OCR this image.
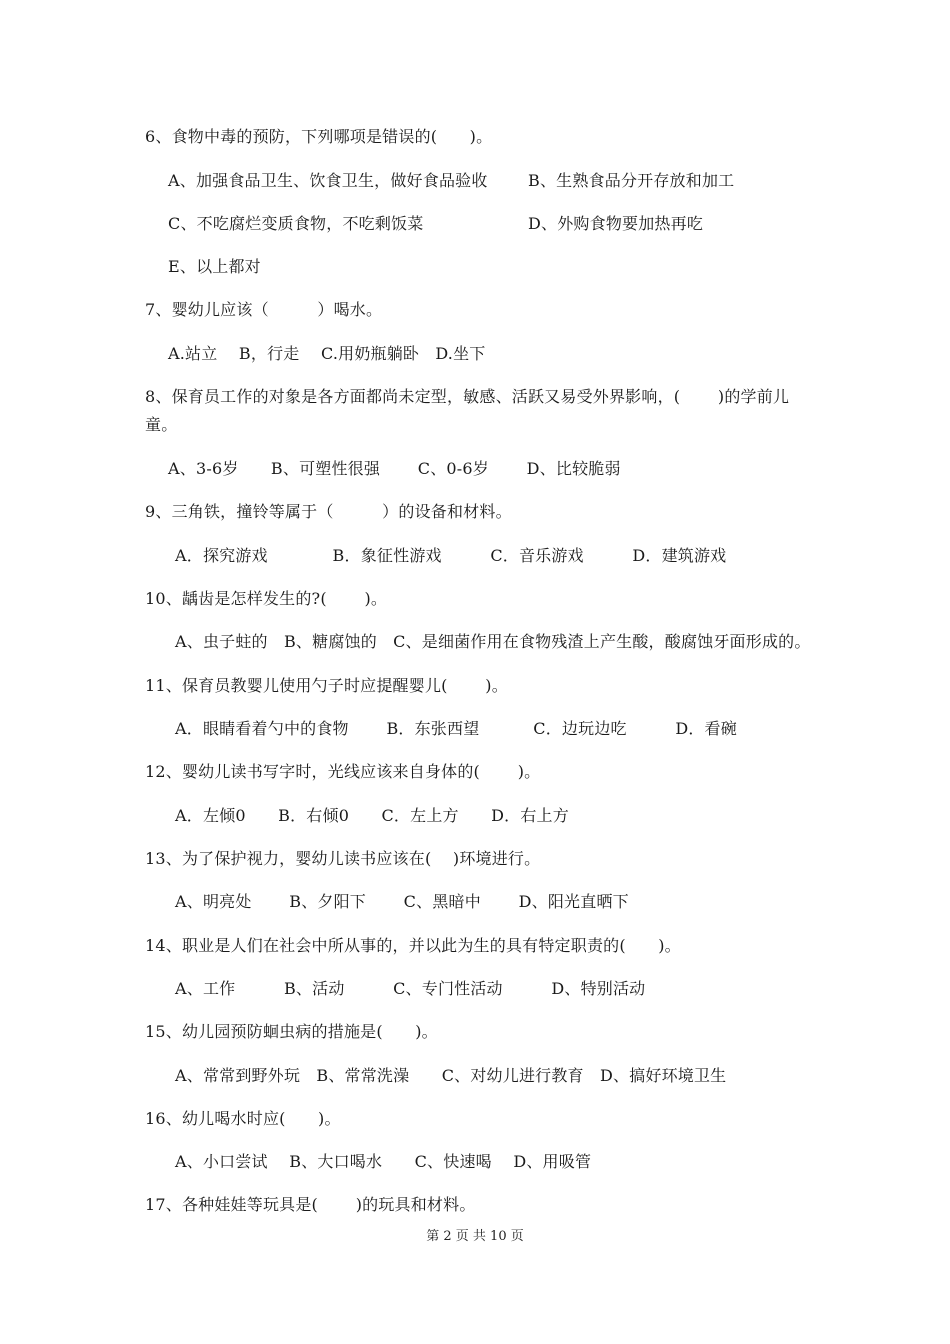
6、食物中毒的预防，下列哪项是错误的(　　)。
A、加强食品卫生、饮食卫生，做好食品验收	B、生熟食品分开存放和加工
C、不吃腐烂变质食物，不吃剩饭菜	D、外购食物要加热再吃
E、以上都对
7、婴幼儿应该（　　　）喝水。
A.站立　 B，行走　 C.用奶瓶躺卧　D.坐下
8、保育员工作的对象是各方面都尚未定型，敏感、活跃又易受外界影响，(　　 )的学前儿
童。
A、3-6岁　　B、可塑性很强　　 C、0-6岁　　 D、比较脆弱
9、三角铁，撞铃等属于（　　　）的设备和材料。
A．探究游戏　　　　B．象征性游戏　　　C．音乐游戏　　　D．建筑游戏
10、龋齿是怎样发生的?(　　 )。
A、虫子蛀的　B、糖腐蚀的　C、是细菌作用在食物残渣上产生酸，酸腐蚀牙面形成的。
11、保育员教婴儿使用勺子时应提醒婴儿(　　 )。
A．眼睛看着勺中的食物　　 B．东张西望　　　 C．边玩边吃　　　D．看碗
12、婴幼儿读书写字时，光线应该来自身体的(　　 )。
A．左倾0　　B．右倾0　　C．左上方　　D．右上方
13、为了保护视力，婴幼儿读书应该在(　 )环境进行。
A、明亮处　　 B、夕阳下　　 C、黑暗中　　 D、阳光直晒下
14、职业是人们在社会中所从事的，并以此为生的具有特定职责的(　　)。
A、工作　　　B、活动　　　C、专门性活动　　　D、特别活动
15、幼儿园预防蛔虫病的措施是(　　)。
A、常常到野外玩　B、常常洗澡　　C、对幼儿进行教育　D、搞好环境卫生
16、幼儿喝水时应(　　)。
A、小口尝试　 B、大口喝水　　C、快速喝　 D、用吸管
17、各种娃娃等玩具是(　　 )的玩具和材料。
第 2 页 共 10 页
